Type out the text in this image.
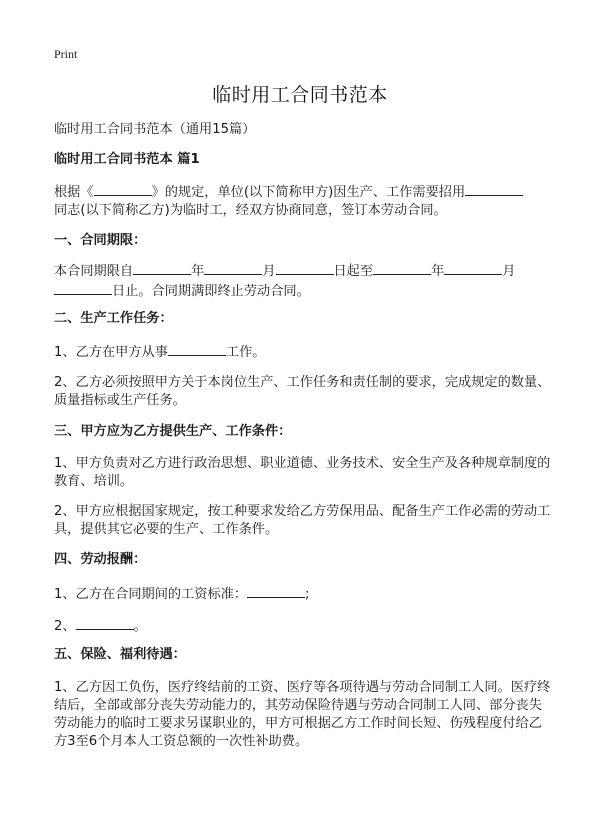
Print
临时用工合同书范本
临时用工合同书范本（通用15篇）
临时用工合同书范本 篇1
根据《	》的规定，单位(以下简称甲方)因生产、工作需要招用
同志(以下简称乙方)为临时工，经双方协商同意，签订本劳动合同。
一、合同期限：
本合同期限自	年	月	日起至	年	月
日止。合同期满即终止劳动合同。
二、生产工作任务：
1、乙方在甲方从事	工作。
2、乙方必须按照甲方关于本岗位生产、工作任务和责任制的要求，完成规定的数量、质量指标或生产任务。
三、甲方应为乙方提供生产、工作条件：
1、甲方负责对乙方进行政治思想、职业道德、业务技术、安全生产及各种规章制度的教育、培训。
2、甲方应根据国家规定，按工种要求发给乙方劳保用品、配备生产工作必需的劳动工具，提供其它必要的生产、工作条件。
四、劳动报酬：
1、乙方在合同期间的工资标准：	;
2、	。
五、保险、福利待遇：
1、乙方因工负伤，医疗终结前的工资、医疗等各项待遇与劳动合同制工人同。医疗终结后，全部或部分丧失劳动能力的，其劳动保险待遇与劳动合同制工人同、部分丧失劳动能力的临时工要求另谋职业的，甲方可根据乙方工作时间长短、伤残程度付给乙方3至6个月本人工资总额的一次性补助费。
